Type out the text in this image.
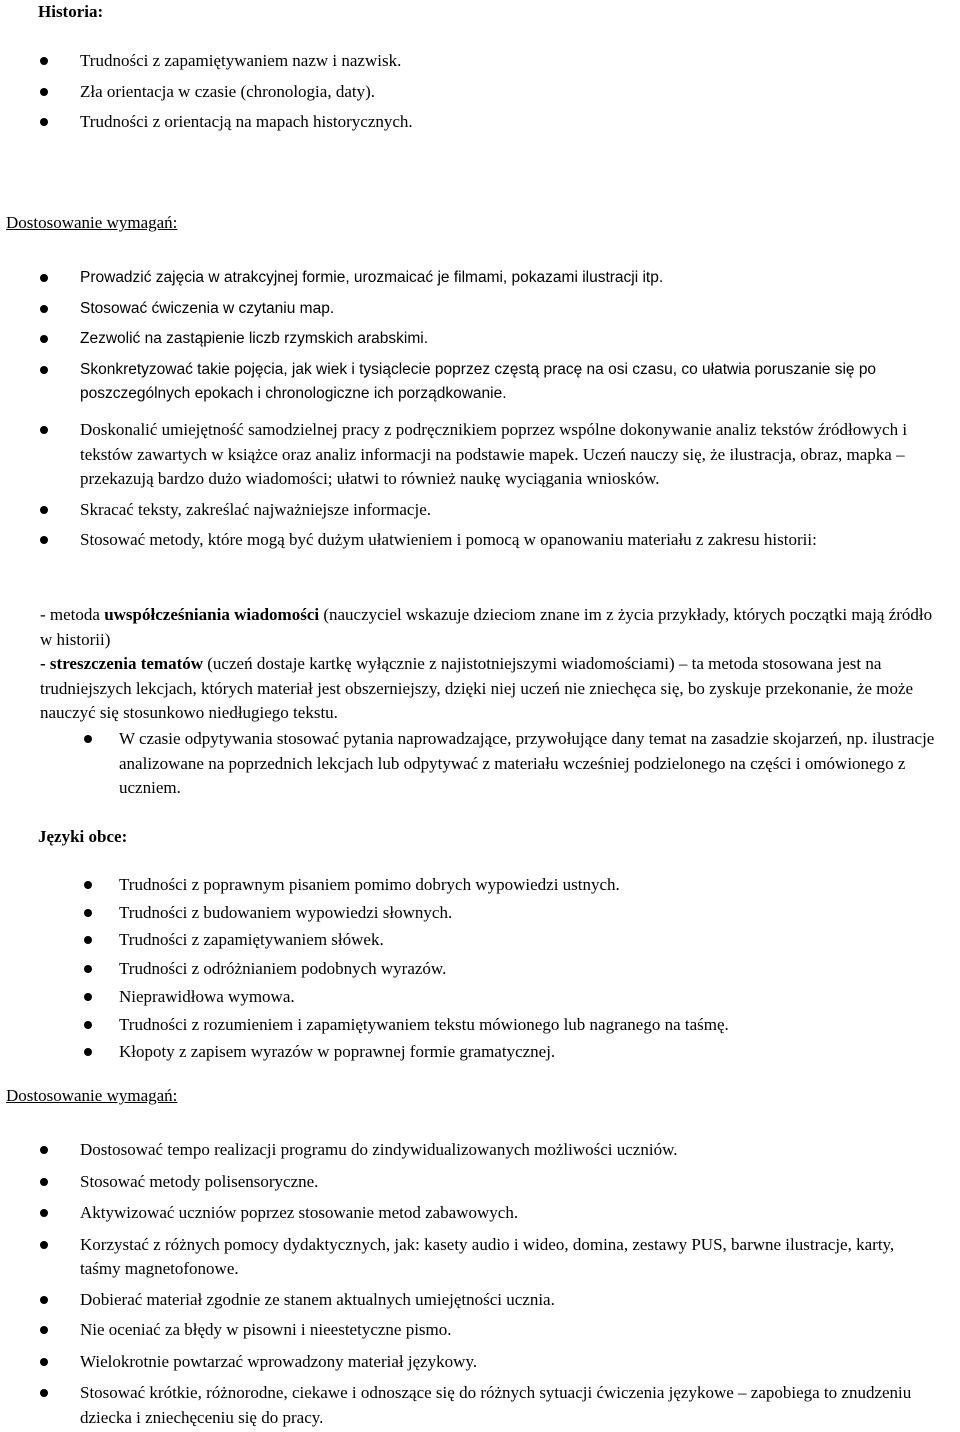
Historia:
Trudności z zapamiętywaniem nazw i nazwisk.
Zła orientacja w czasie (chronologia, daty).
Trudności z orientacją na mapach historycznych.
Dostosowanie wymagań:
Prowadzić zajęcia w atrakcyjnej formie, urozmaicać je filmami, pokazami ilustracji itp.
Stosować ćwiczenia w czytaniu map.
Zezwolić na zastąpienie liczb rzymskich arabskimi.
Skonkretyzować takie pojęcia, jak wiek i tysiąclecie poprzez częstą pracę na osi czasu, co ułatwia poruszanie się po poszczególnych epokach i chronologiczne ich porządkowanie.
Doskonalić umiejętność samodzielnej pracy z podręcznikiem poprzez wspólne dokonywanie analiz tekstów źródłowych i tekstów zawartych w książce oraz analiz informacji na podstawie mapek. Uczeń nauczy się, że ilustracja, obraz, mapka – przekazują bardzo dużo wiadomości; ułatwi to również naukę wyciągania wniosków.
Skracać teksty, zakreślać najważniejsze informacje.
Stosować metody, które mogą być dużym ułatwieniem i pomocą w opanowaniu materiału z zakresu historii:
- metoda uwspółcześniania wiadomości (nauczyciel wskazuje dzieciom znane im z życia przykłady, których początki mają źródło w historii)
- streszczenia tematów (uczeń dostaje kartkę wyłącznie z najistotniejszymi wiadomościami) – ta metoda stosowana jest na trudniejszych lekcjach, których materiał jest obszerniejszy, dzięki niej uczeń nie zniechęca się, bo zyskuje przekonanie, że może nauczyć się stosunkowo niedługiego tekstu.
W czasie odpytywania stosować pytania naprowadzające, przywołujące dany temat na zasadzie skojarzeń, np. ilustracje analizowane na poprzednich lekcjach lub odpytywać z materiału wcześniej podzielonego na części i omówionego z uczniem.
Języki obce:
Trudności z poprawnym pisaniem pomimo dobrych wypowiedzi ustnych.
Trudności z budowaniem wypowiedzi słownych.
Trudności z zapamiętywaniem słówek.
Trudności z odróżnianiem podobnych wyrazów.
Nieprawidłowa wymowa.
Trudności z rozumieniem i zapamiętywaniem tekstu mówionego lub nagranego na taśmę.
Kłopoty z zapisem wyrazów w poprawnej formie gramatycznej.
Dostosowanie wymagań:
Dostosować tempo realizacji programu do zindywidualizowanych możliwości uczniów.
Stosować metody polisensoryczne.
Aktywizować uczniów poprzez stosowanie metod zabawowych.
Korzystać z różnych pomocy dydaktycznych, jak: kasety audio i wideo, domina, zestawy PUS, barwne ilustracje, karty, taśmy magnetofonowe.
Dobierać materiał zgodnie ze stanem aktualnych umiejętności ucznia.
Nie oceniać za błędy w pisowni i nieestetyczne pismo.
Wielokrotnie powtarzać wprowadzony materiał językowy.
Stosować krótkie, różnorodne, ciekawe i odnoszące się do różnych sytuacji ćwiczenia językowe – zapobiega to znudzeniu dziecka i zniechęceniu się do pracy.
